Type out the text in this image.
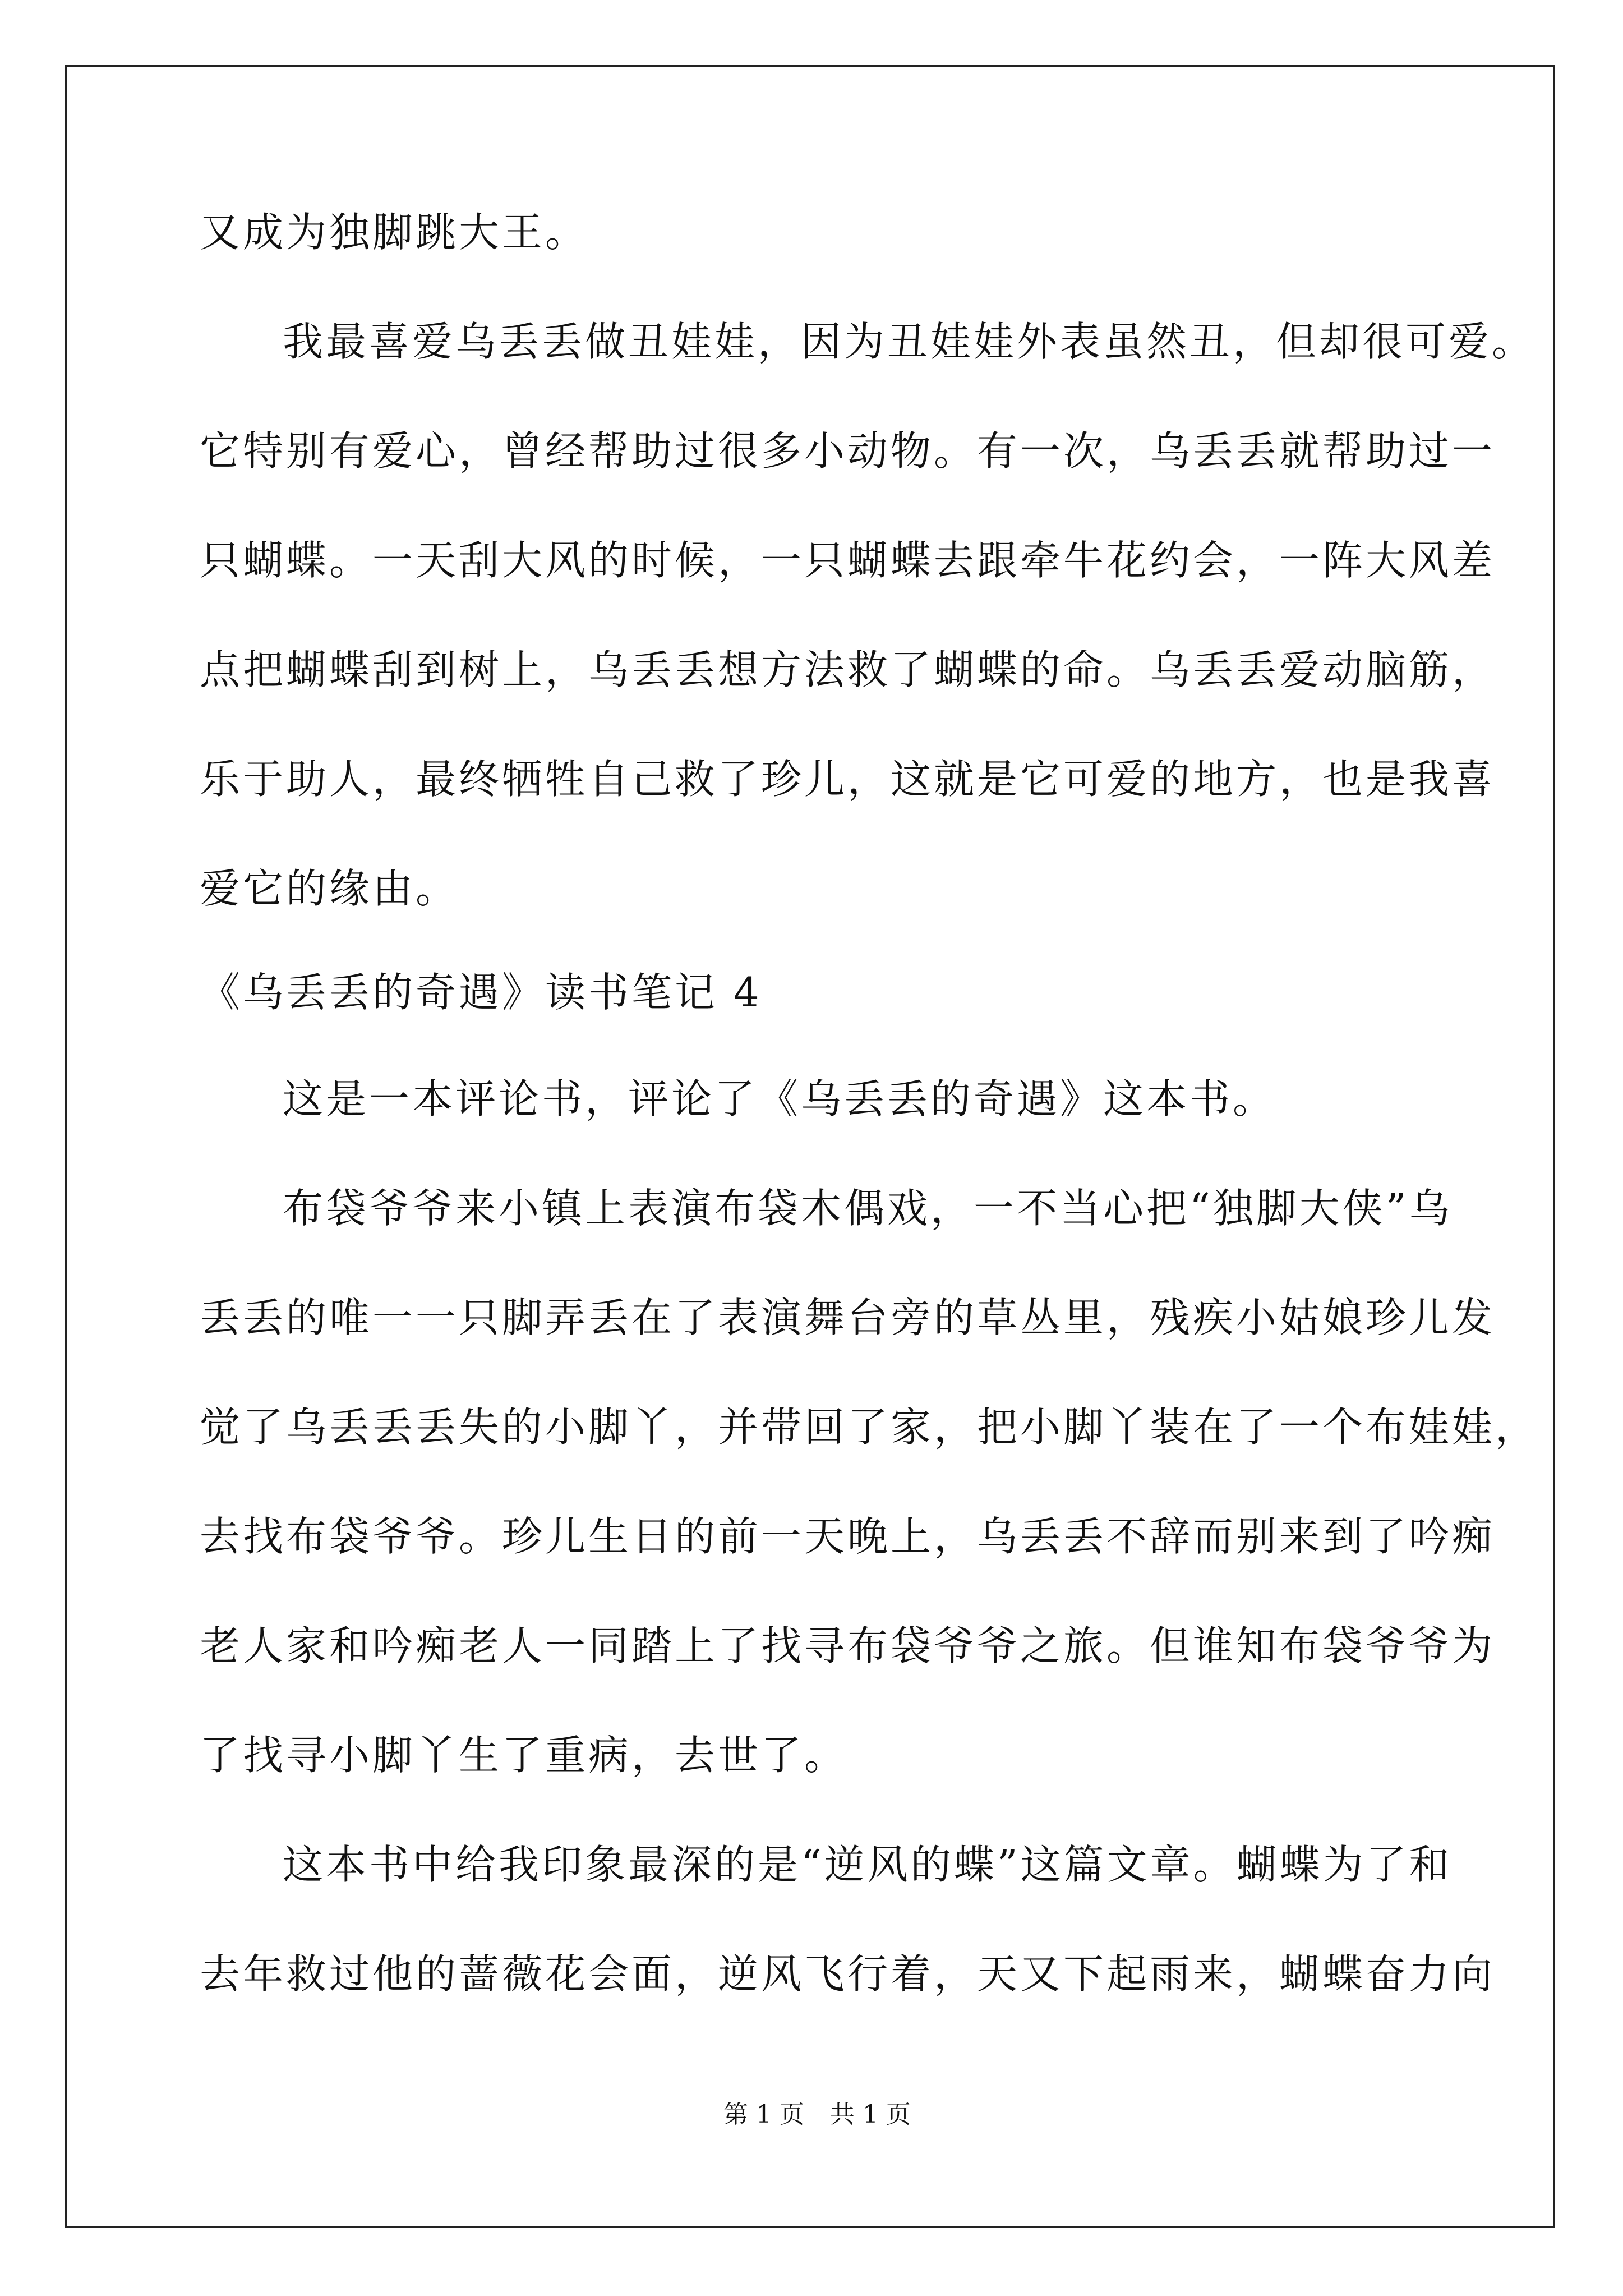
又成为独脚跳大王。

我最喜爱乌丢丢做丑娃娃，因为丑娃娃外表虽然丑，但却很可爱。

它特别有爱心，曾经帮助过很多小动物。有一次，乌丢丢就帮助过一

只蝴蝶。一天刮大风的时候，一只蝴蝶去跟牵牛花约会，一阵大风差

点把蝴蝶刮到树上，乌丢丢想方法救了蝴蝶的命。乌丢丢爱动脑筋，

乐于助人，最终牺牲自己救了珍儿，这就是它可爱的地方，也是我喜

爱它的缘由。

《乌丢丢的奇遇》读书笔记 4

这是一本评论书，评论了《乌丢丢的奇遇》这本书。

布袋爷爷来小镇上表演布袋木偶戏，一不当心把“独脚大侠”乌

丢丢的唯一一只脚弄丢在了表演舞台旁的草丛里，残疾小姑娘珍儿发

觉了乌丢丢丢失的小脚丫，并带回了家，把小脚丫装在了一个布娃娃，

去找布袋爷爷。珍儿生日的前一天晚上，乌丢丢不辞而别来到了吟痴

老人家和吟痴老人一同踏上了找寻布袋爷爷之旅。但谁知布袋爷爷为

了找寻小脚丫生了重病，去世了。

这本书中给我印象最深的是“逆风的蝶”这篇文章。蝴蝶为了和

去年救过他的蔷薇花会面，逆风飞行着，天又下起雨来，蝴蝶奋力向

第 1 页 共 1 页
